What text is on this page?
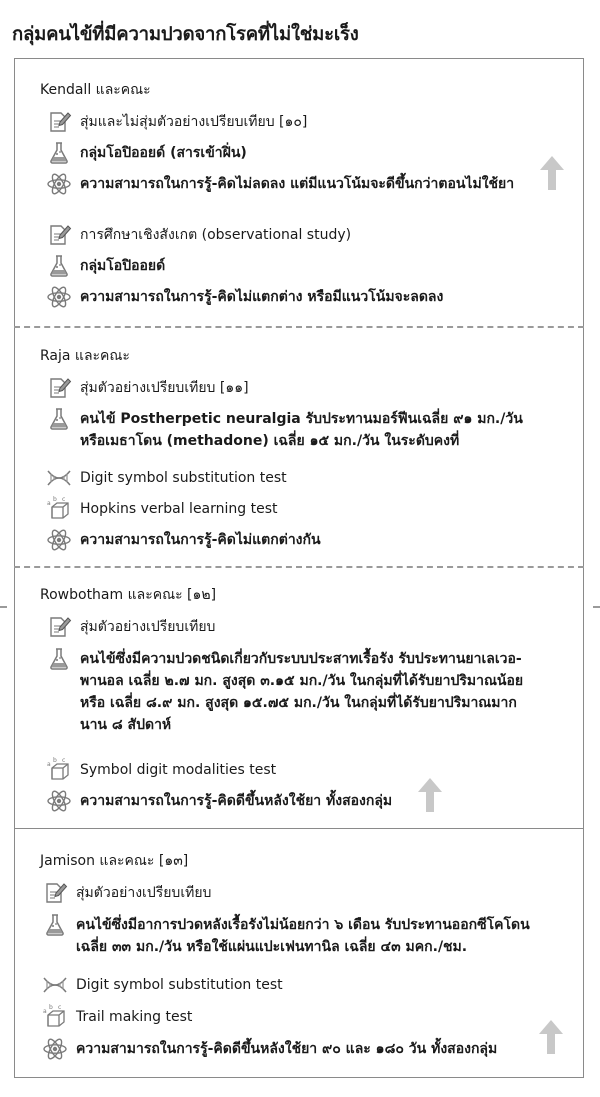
กลุ่มคนไข้ที่มีความปวดจากโรคที่ไม่ใช่มะเร็ง
Kendall และคณะ
สุ่มและไม่สุ่มตัวอย่างเปรียบเทียบ [๑๐]
กลุ่มโอปิออยด์ (สารเข้าฝิ่น)
ความสามารถในการรู้-คิดไม่ลดลง แต่มีแนวโน้มจะดีขึ้นกว่าตอนไม่ใช้ยา
การศึกษาเชิงสังเกต (observational study)
กลุ่มโอปิออยด์
ความสามารถในการรู้-คิดไม่แตกต่าง หรือมีแนวโน้มจะลดลง
Raja และคณะ
สุ่มตัวอย่างเปรียบเทียบ [๑๑]
คนไข้ Postherpetic neuralgia รับประทานมอร์ฟีนเฉลี่ย ๙๑ มก./วัน
หรือเมธาโดน (methadone) เฉลี่ย ๑๕ มก./วัน ในระดับคงที่
Digit symbol substitution test
Hopkins verbal learning test
ความสามารถในการรู้-คิดไม่แตกต่างกัน
Rowbotham และคณะ [๑๒]
สุ่มตัวอย่างเปรียบเทียบ
คนไข้ซึ่งมีความปวดชนิดเกี่ยวกับระบบประสาทเรื้อรัง รับประทานยาเลเวอ-
พานอล เฉลี่ย ๒.๗ มก. สูงสุด ๓.๑๕ มก./วัน ในกลุ่มที่ได้รับยาปริมาณน้อย
หรือ เฉลี่ย ๘.๙ มก. สูงสุด ๑๕.๗๕ มก./วัน ในกลุ่มที่ได้รับยาปริมาณมาก
นาน ๘ สัปดาห์
Symbol digit modalities test
ความสามารถในการรู้-คิดดีขึ้นหลังใช้ยา ทั้งสองกลุ่ม
Jamison และคณะ [๑๓]
สุ่มตัวอย่างเปรียบเทียบ
คนไข้ซึ่งมีอาการปวดหลังเรื้อรังไม่น้อยกว่า ๖ เดือน รับประทานออกซีโคโดน
เฉลี่ย ๓๓ มก./วัน หรือใช้แผ่นแปะเฟนทานิล เฉลี่ย ๔๓ มคก./ชม.
Digit symbol substitution test
Trail making test
ความสามารถในการรู้-คิดดีขึ้นหลังใช้ยา ๙๐ และ ๑๘๐ วัน ทั้งสองกลุ่ม
